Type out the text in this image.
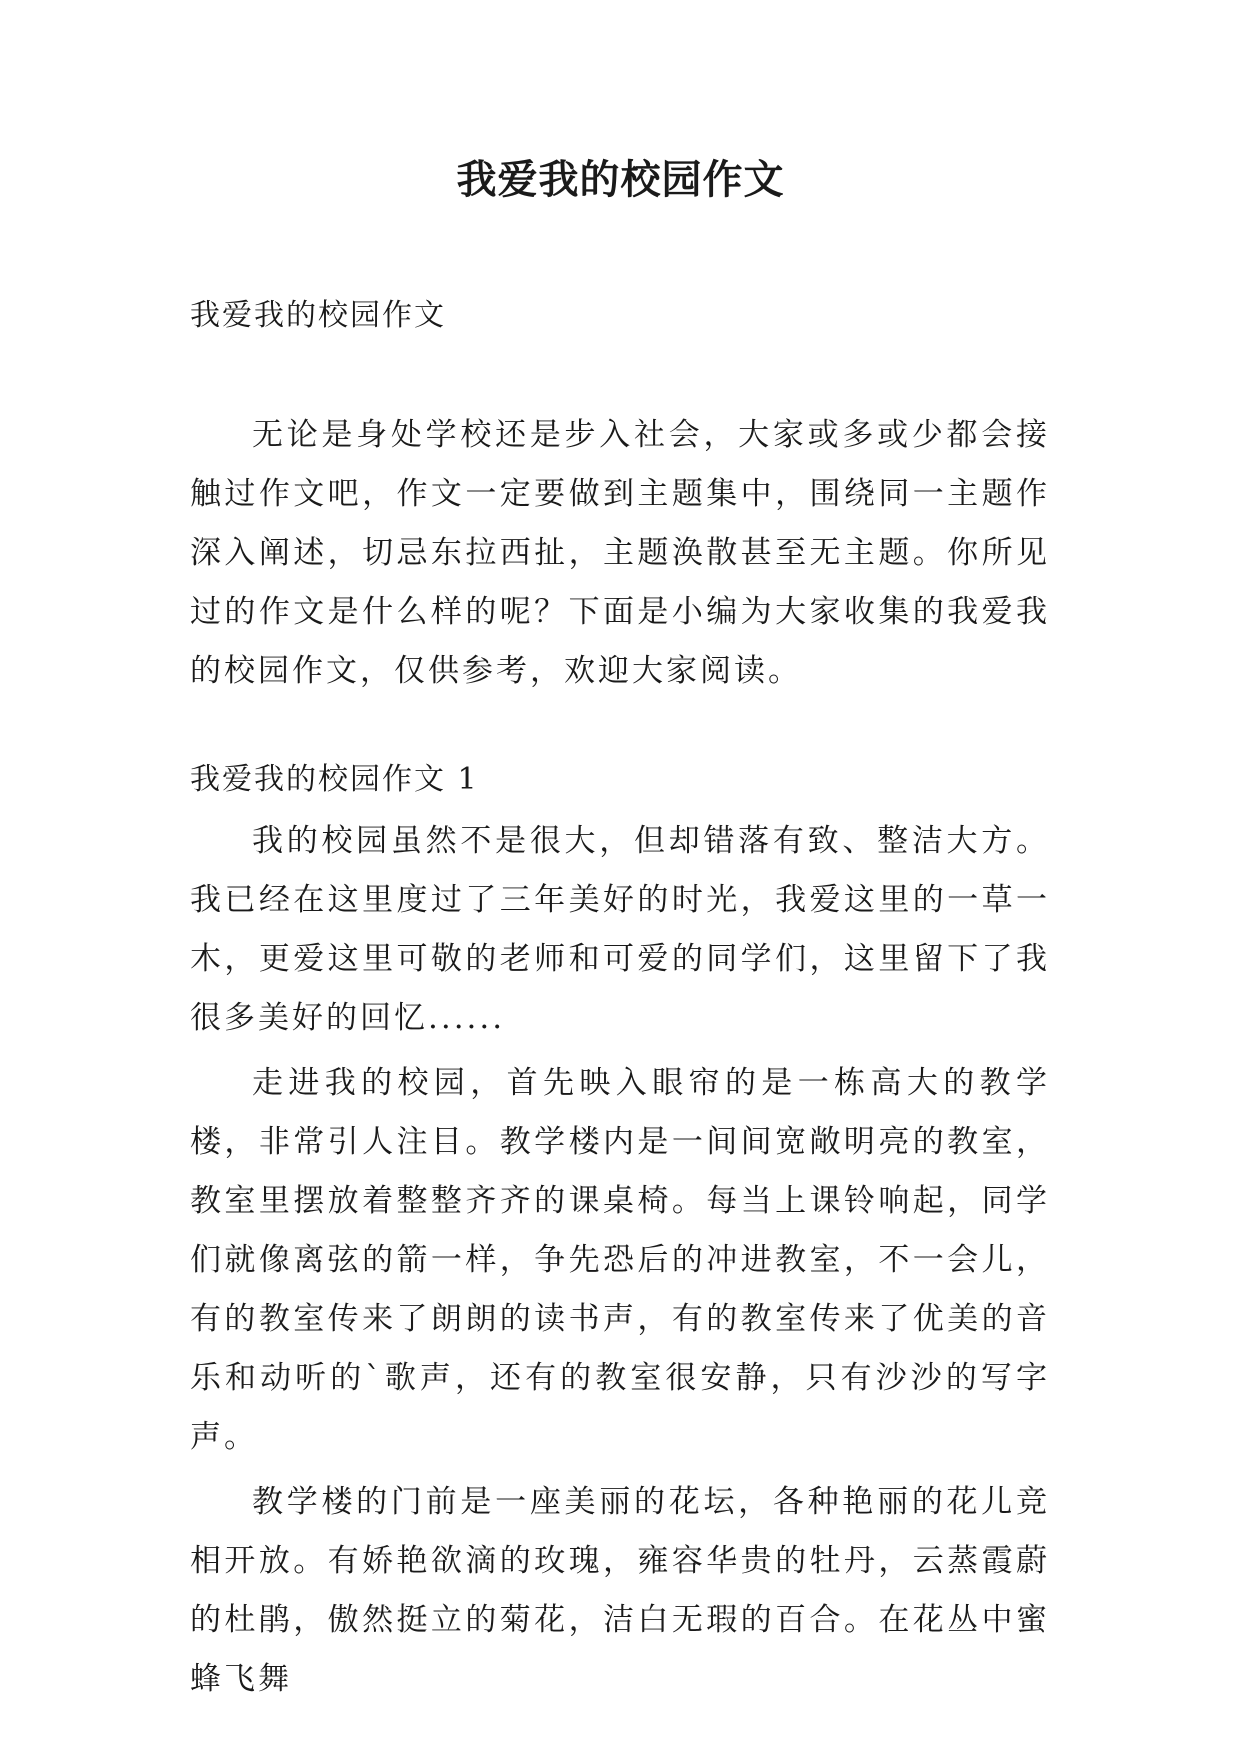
我爱我的校园作文

我爱我的校园作文

无论是身处学校还是步入社会，大家或多或少都会接触过作文吧，作文一定要做到主题集中，围绕同一主题作深入阐述，切忌东拉西扯，主题涣散甚至无主题。你所见过的作文是什么样的呢？下面是小编为大家收集的我爱我的校园作文，仅供参考，欢迎大家阅读。

我爱我的校园作文 1

我的校园虽然不是很大，但却错落有致、整洁大方。我已经在这里度过了三年美好的时光，我爱这里的一草一木，更爱这里可敬的老师和可爱的同学们，这里留下了我很多美好的回忆......

走进我的校园，首先映入眼帘的是一栋高大的教学楼，非常引人注目。教学楼内是一间间宽敞明亮的教室，教室里摆放着整整齐齐的课桌椅。每当上课铃响起，同学们就像离弦的箭一样，争先恐后的冲进教室，不一会儿，有的教室传来了朗朗的读书声，有的教室传来了优美的音乐和动听的`歌声，还有的教室很安静，只有沙沙的写字声。

教学楼的门前是一座美丽的花坛，各种艳丽的花儿竞相开放。有娇艳欲滴的玫瑰，雍容华贵的牡丹，云蒸霞蔚的杜鹃，傲然挺立的菊花，洁白无瑕的百合。在花丛中蜜蜂飞舞
